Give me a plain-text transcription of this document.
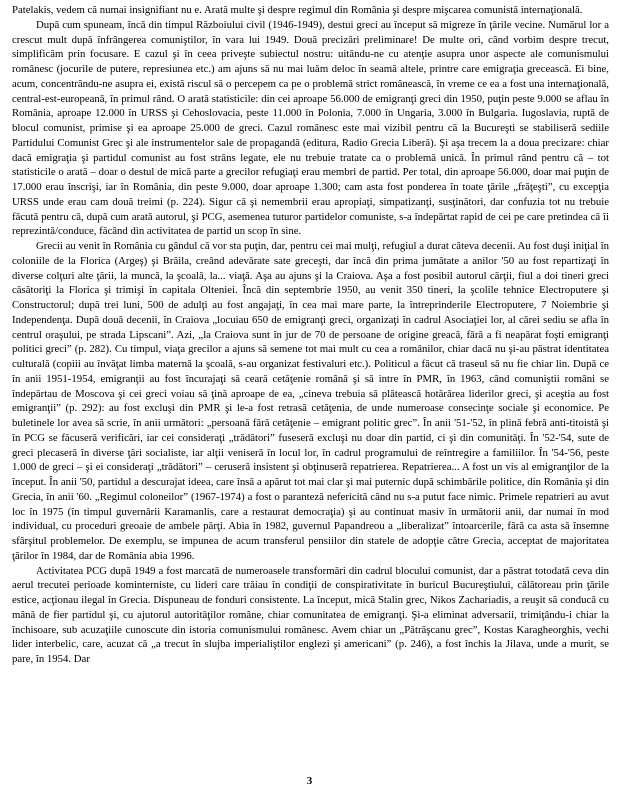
Patelakis, vedem că numai insignifiant nu e. Arată multe şi despre regimul din România şi despre mişcarea comunistă internaţională.

După cum spuneam, încă din timpul Războiului civil (1946-1949), destui greci au început să migreze în ţările vecine. Numărul lor a crescut mult după înfrângerea comuniştilor, în vara lui 1949. Două precizări preliminare! De multe ori, când vorbim despre trecut, simplificăm prin focusare. E cazul şi în ceea priveşte subiectul nostru: uitându-ne cu atenţie asupra unor aspecte ale comunismului românesc (jocurile de putere, represiunea etc.) am ajuns să nu mai luăm deloc în seamă altele, printre care emigraţia grecească. Ei bine, acum, concentrându-ne asupra ei, există riscul să o percepem ca pe o problemă strict românească, în vreme ce ea a fost una internaţională, central-est-europeană, în primul rând. O arată statisticile: din cei aproape 56.000 de emigranţi greci din 1950, puţin peste 9.000 se aflau în România, aproape 12.000 în URSS şi Cehoslovacia, peste 11.000 în Polonia, 7.000 în Ungaria, 3.000 în Bulgaria. Iugoslavia, ruptă de blocul comunist, primise şi ea aproape 25.000 de greci. Cazul românesc este mai vizibil pentru că la Bucureşti se stabiliseră sediile Partidului Comunist Grec şi ale instrumentelor sale de propagandă (editura, Radio Grecia Liberă). Şi aşa trecem la a doua precizare: chiar dacă emigraţia şi partidul comunist au fost strâns legate, ele nu trebuie tratate ca o problemă unică. În primul rând pentru că – tot statisticile o arată – doar o destul de mică parte a grecilor refugiaţi erau membri de partid. Per total, din aproape 56.000, doar mai puţin de 17.000 erau înscrişi, iar în România, din peste 9.000, doar aproape 1.300; cam asta fost ponderea în toate ţările „frăţeşti”, cu excepţia URSS unde erau cam două treimi (p. 224). Sigur că şi nemembrii erau apropiaţi, simpatizanţi, susţinători, dar confuzia tot nu trebuie făcută pentru că, după cum arată autorul, şi PCG, asemenea tuturor partidelor comuniste, s-a îndepărtat rapid de cei pe care pretindea că îi reprezintă/conduce, făcând din activitatea de partid un scop în sine.

Grecii au venit în România cu gândul că vor sta puţin, dar, pentru cei mai mulţi, refugiul a durat câteva decenii. Au fost duşi iniţial în coloniile de la Florica (Argeş) şi Brăila, creând adevărate sate greceşti, dar încă din prima jumătate a anilor '50 au fost repartizaţi în diverse colţuri alte ţării, la muncă, la şcoală, la... viaţă. Aşa au ajuns şi la Craiova. Aşa a fost posibil autorul cărţii, fiul a doi tineri greci căsătoriţi la Florica şi trimişi în capitala Olteniei. Încă din septembrie 1950, au venit 350 tineri, la şcolile tehnice Electroputere şi Constructorul; după trei luni, 500 de adulţi au fost angajaţi, în cea mai mare parte, la întreprinderile Electroputere, 7 Noiembrie şi Independenţa. După două decenii, în Craiova „locuiau 650 de emigranţi greci, organizaţi în cadrul Asociaţiei lor, al cărei sediu se afla în centrul oraşului, pe strada Lipscani”. Azi, „la Craiova sunt în jur de 70 de persoane de origine greacă, fără a fi neapărat foşti emigranţi politici greci” (p. 282). Cu timpul, viaţa grecilor a ajuns să semene tot mai mult cu cea a românilor, chiar dacă nu şi-au păstrat identitatea culturală (copiii au învăţat limba maternă la şcoală, s-au organizat festivaluri etc.). Politicul a făcut că traseul să nu fie chiar lin. După ce în anii 1951-1954, emigranţii au fost încurajaţi să ceară cetăţenie română şi să intre în PMR, în 1963, când comuniştii români se îndepărtau de Moscova şi cei greci voiau să ţină aproape de ea, „cineva trebuia să plătească hotărârea liderilor greci, şi aceştia au fost emigranţii” (p. 292): au fost excluşi din PMR şi le-a fost retrasă cetăţenia, de unde numeroase consecinţe sociale şi economice. Pe buletinele lor avea să scrie, în anii următori: „persoană fără cetăţenie – emigrant politic grec”. În anii '51-'52, în plină febră anti-titoistă şi în PCG se făcuseră verificări, iar cei consideraţi „trădători” fuseseră excluşi nu doar din partid, ci şi din comunităţi. În '52-'54, sute de greci plecaseră în diverse ţări socialiste, iar alţii veniseră în locul lor, în cadrul programului de reîntregire a familiilor. În '54-'56, peste 1.000 de greci – şi ei consideraţi „trădători” – ceruseră insistent şi obţinuseră repatrierea. Repatrierea... A fost un vis al emigranţilor de la început. În anii '50, partidul a descurajat ideea, care însă a apărut tot mai clar şi mai puternic după schimbările politice, din România şi din Grecia, în anii '60. „Regimul coloneilor” (1967-1974) a fost o paranteză nefericită când nu s-a putut face nimic. Primele repatrieri au avut loc în 1975 (în timpul guvernării Karamanlis, care a restaurat democraţia) şi au continuat masiv în următorii anii, dar numai în mod individual, cu proceduri greoaie de ambele părţi. Abia în 1982, guvernul Papandreou a „liberalizat” întoarcerile, fără ca asta să însemne sfârşitul problemelor. De exemplu, se impunea de acum transferul pensiilor din statele de adopţie către Grecia, acceptat de majoritatea ţărilor în 1984, dar de România abia 1996.

Activitatea PCG după 1949 a fost marcată de numeroasele transformări din cadrul blocului comunist, dar a păstrat totodată ceva din aerul trecutei perioade kominterniste, cu lideri care trăiau în condiţii de conspirativitate în buricul Bucureştiului, călătoreau prin ţările estice, acţionau ilegal în Grecia. Dispuneau de fonduri consistente. La început, mică Stalin grec, Nikos Zachariadis, a reuşit să conducă cu mână de fier partidul şi, cu ajutorul autorităţilor române, chiar comunitatea de emigranţi. Şi-a eliminat adversarii, trimiţându-i chiar la închisoare, sub acuzaţiile cunoscute din istoria comunismului românesc. Avem chiar un „Pătrăşcanu grec”, Kostas Karagheorghis, vechi lider interbelic, care, acuzat că „a trecut în slujba imperialiştilor englezi şi americani” (p. 246), a fost închis la Jilava, unde a murit, se pare, în 1954. Dar

3
